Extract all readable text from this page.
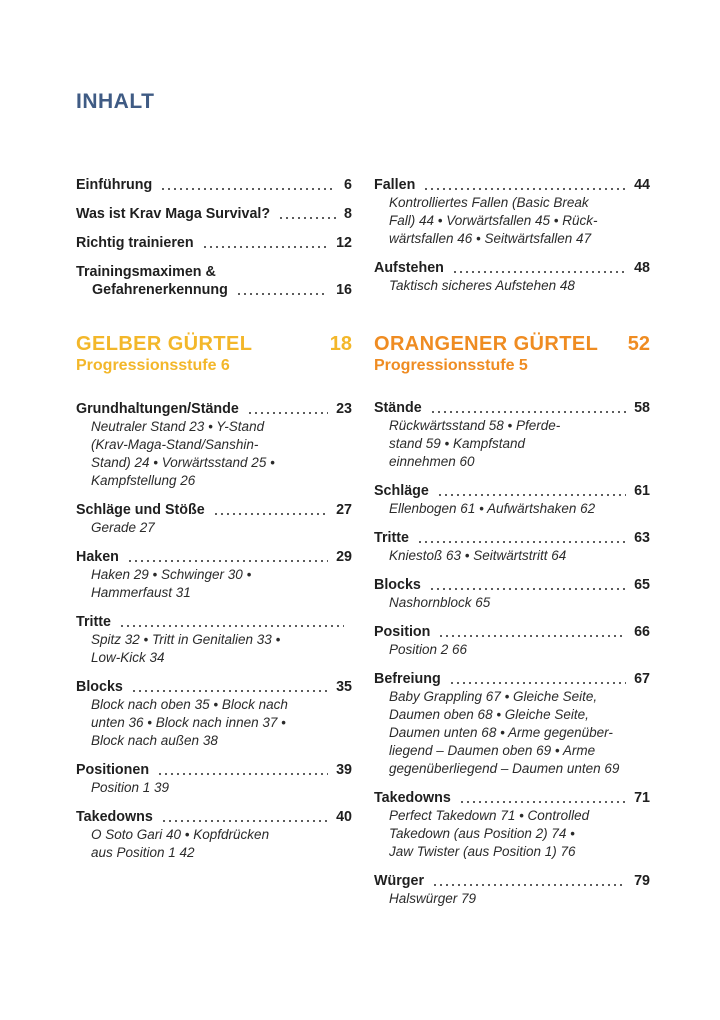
INHALT
Einführung	6
Was ist Krav Maga Survival?	8
Richtig trainieren	12
Trainingsmaximen &
Gefahrenerkennung	16
GELBER GÜRTEL	18
Progressionsstufe 6
Grundhaltungen/Stände	23
Neutraler Stand 23 • Y-Stand
(Krav-Maga-Stand/Sanshin-
Stand) 24 • Vorwärtsstand 25 •
Kampfstellung 26
Schläge und Stöße	27
Gerade 27
Haken	29
Haken 29 • Schwinger 30 •
Hammerfaust 31
Tritte
Spitz 32 • Tritt in Genitalien 33 •
Low-Kick 34
Blocks	35
Block nach oben 35 • Block nach
unten 36 • Block nach innen 37 •
Block nach außen 38
Positionen	39
Position 1 39
Takedowns	40
O Soto Gari 40 • Kopfdrücken
aus Position 1 42
Fallen	44
Kontrolliertes Fallen (Basic Break
Fall) 44 • Vorwärtsfallen 45 • Rück-
wärtsfallen 46 • Seitwärtsfallen 47
Aufstehen	48
Taktisch sicheres Aufstehen 48
ORANGENER GÜRTEL 52
Progressionsstufe 5
Stände	58
Rückwärtsstand 58 • Pferde-
stand 59 • Kampfstand
einnehmen 60
Schläge	61
Ellenbogen 61 • Aufwärtshaken 62
Tritte	63
Kniestoß 63 • Seitwärtstritt 64
Blocks	65
Nashornblock 65
Position	66
Position 2 66
Befreiung	67
Baby Grappling 67 • Gleiche Seite,
Daumen oben 68 • Gleiche Seite,
Daumen unten 68 • Arme gegenüber-
liegend – Daumen oben 69 • Arme
gegenüberliegend – Daumen unten 69
Takedowns	71
Perfect Takedown 71 • Controlled
Takedown (aus Position 2) 74 •
Jaw Twister (aus Position 1) 76
Würger	79
Halswürger 79
